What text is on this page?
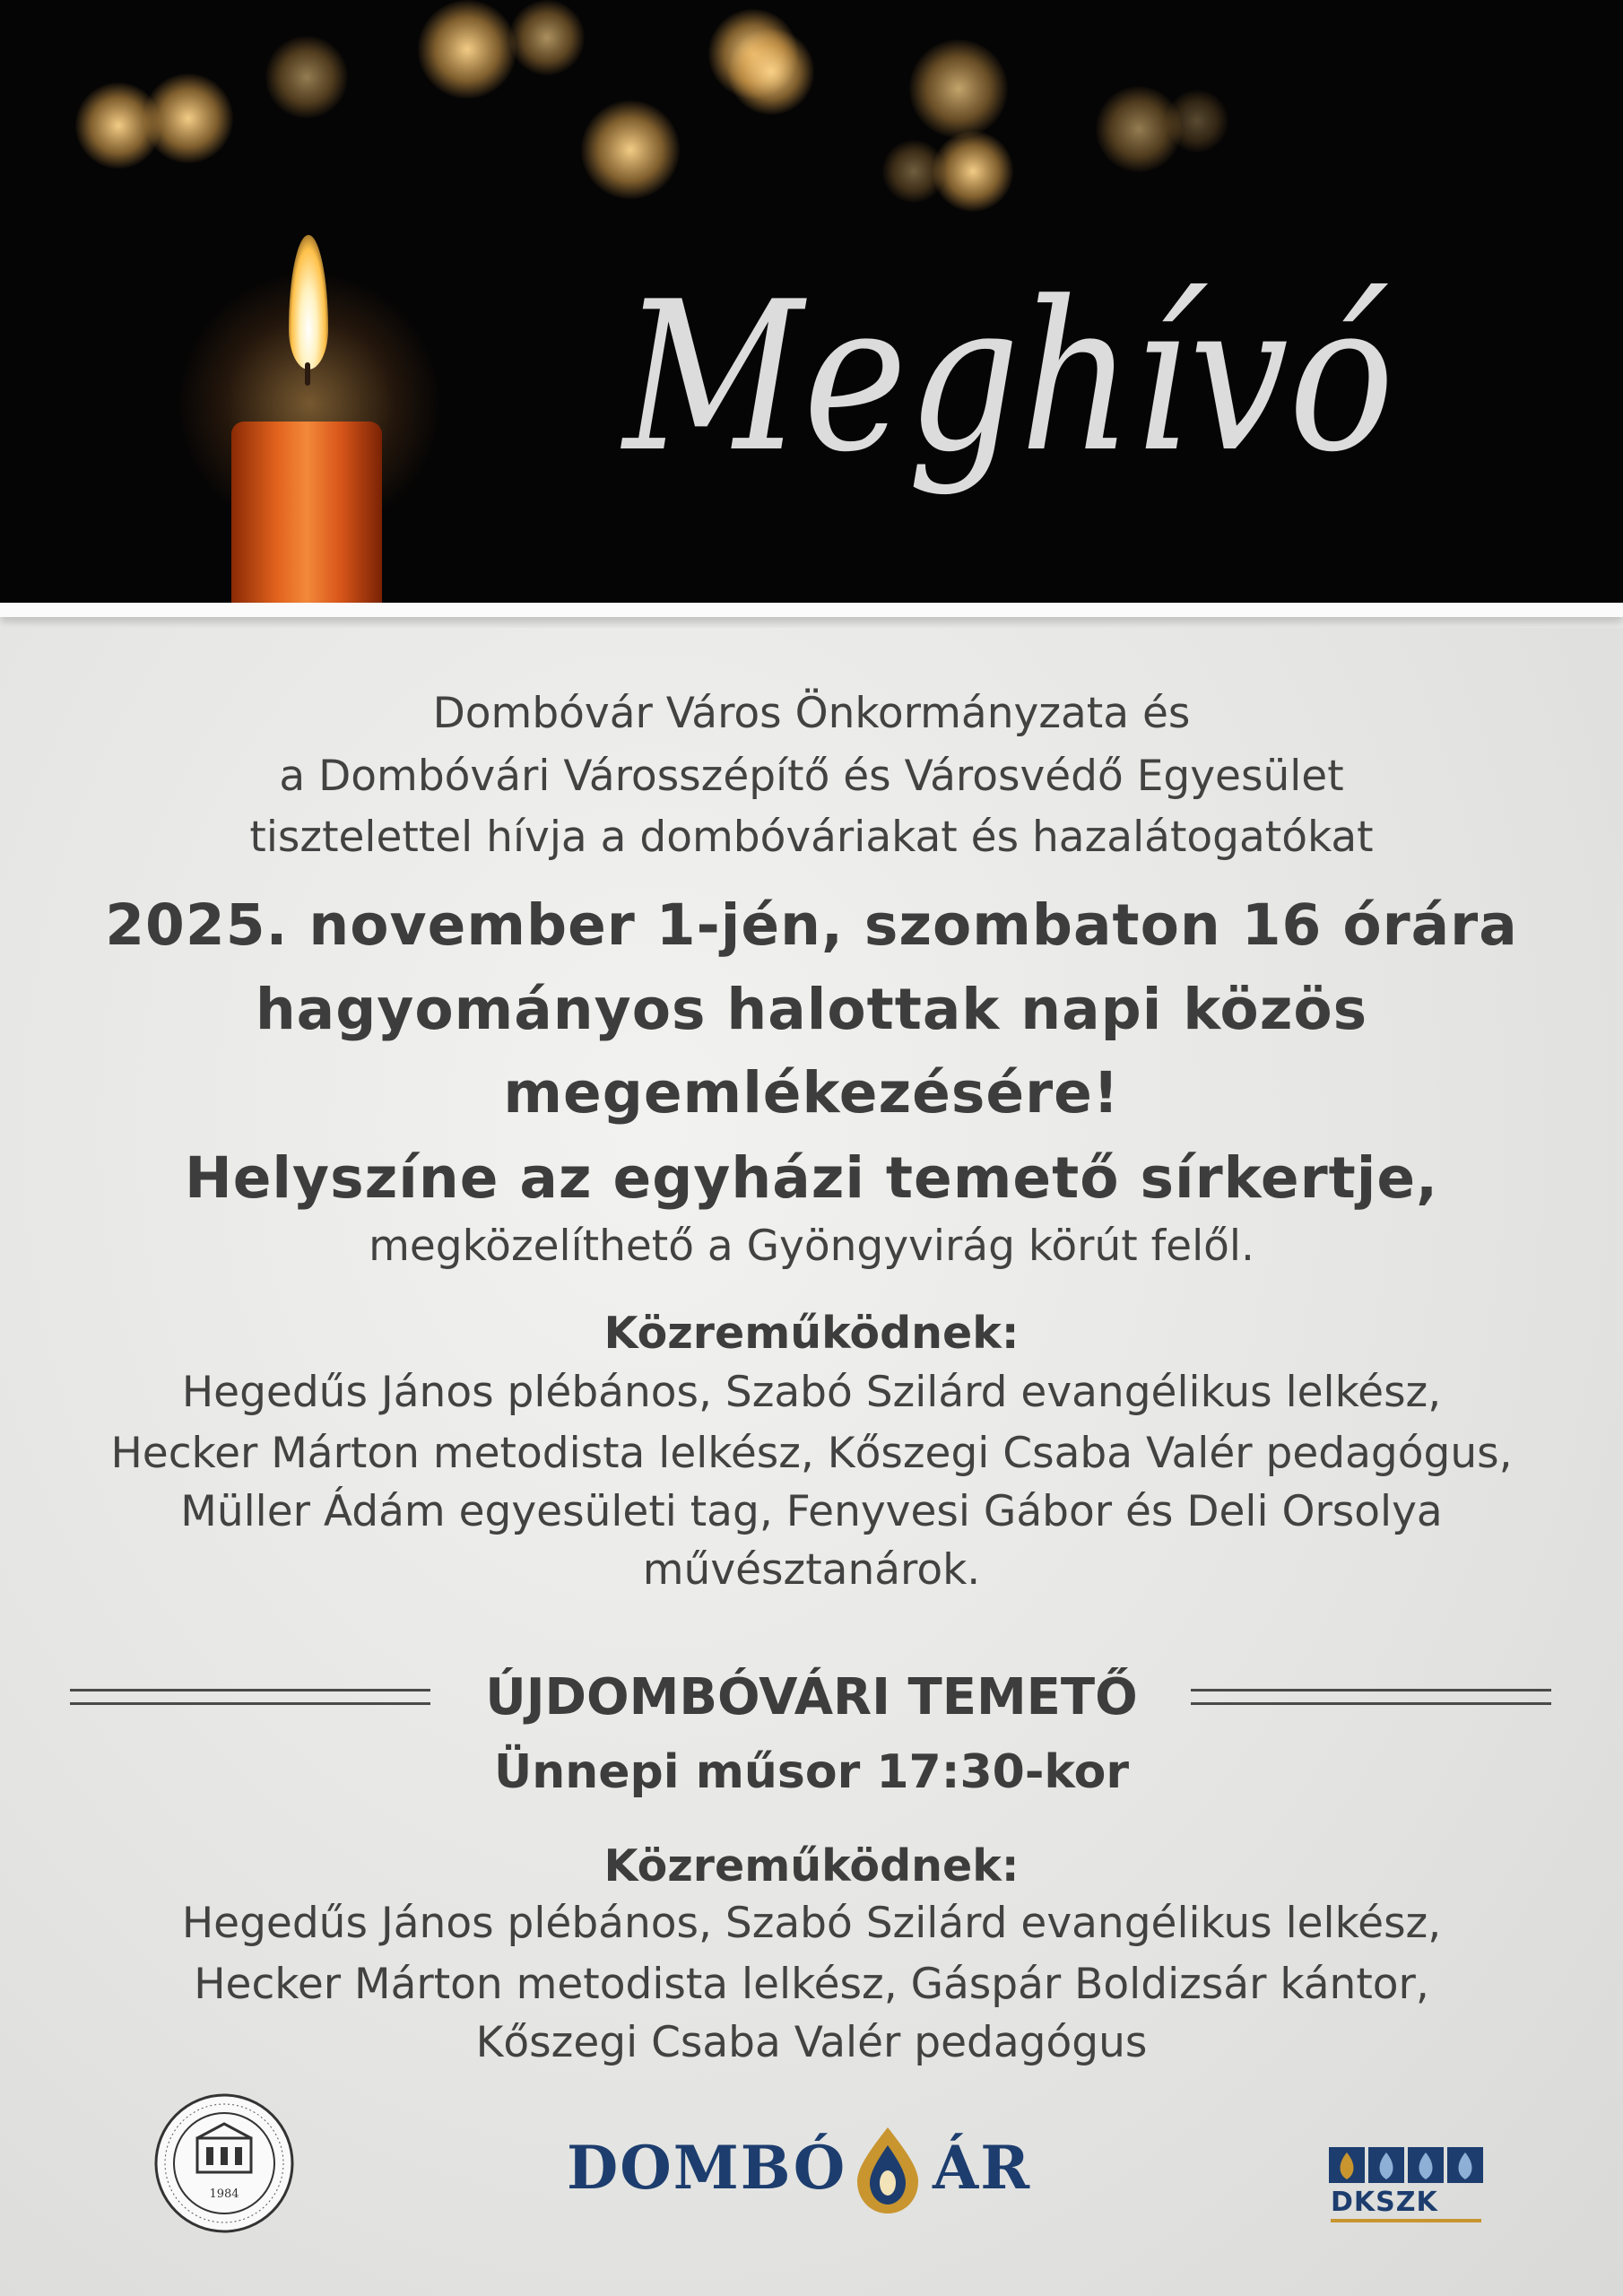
Meghívó

Dombóvár Város Önkormányzata és

a Dombóvári Városszépítő és Városvédő Egyesület

tisztelettel hívja a dombóváriakat és hazalátogatókat

2025. november 1-jén, szombaton 16 órára

hagyományos halottak napi közös

megemlékezésére!

Helyszíne az egyházi temető sírkertje,

megközelíthető a Gyöngyvirág körút felől.

Közreműködnek:

Hegedűs János plébános, Szabó Szilárd evangélikus lelkész,

Hecker Márton metodista lelkész, Kőszegi Csaba Valér pedagógus,

Müller Ádám egyesületi tag, Fenyvesi Gábor és Deli Orsolya

művésztanárok.

ÚJDOMBÓVÁRI TEMETŐ

Ünnepi műsor 17:30-kor

Közreműködnek:

Hegedűs János plébános, Szabó Szilárd evangélikus lelkész,

Hecker Márton metodista lelkész, Gáspár Boldizsár kántor,

Kőszegi Csaba Valér pedagógus

1984	DOMBÓ ÁR	DKSZK
